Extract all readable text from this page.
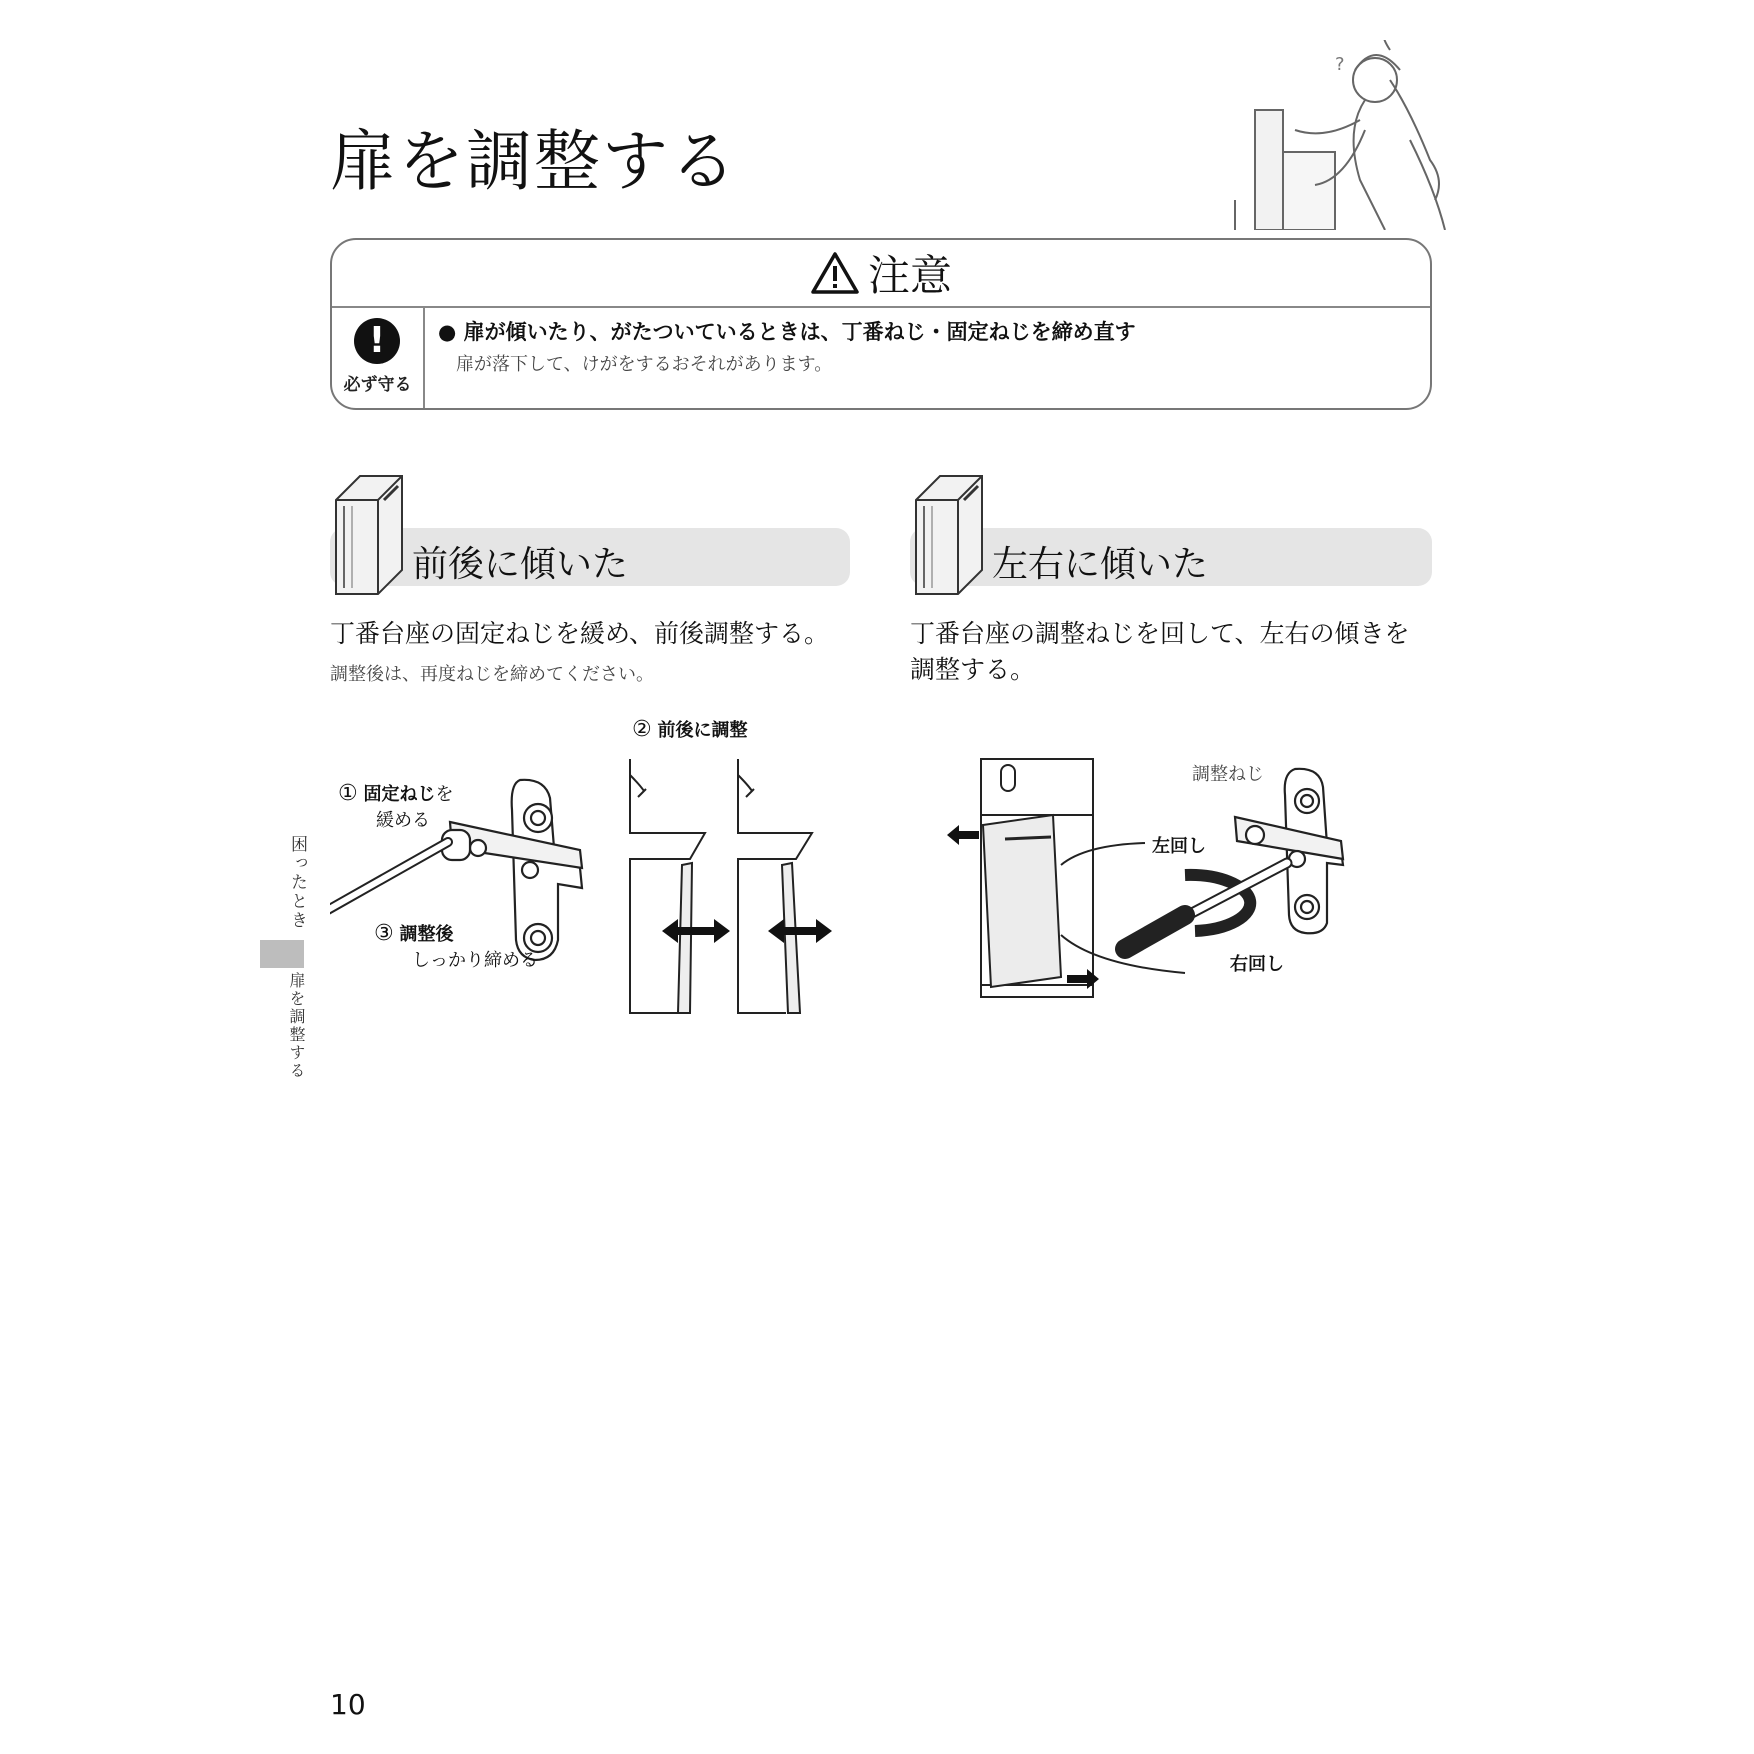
扉を調整する
?
注意
!
必ず守る
● 扉が傾いたり、がたついているときは、丁番ねじ・固定ねじを締め直す
扉が落下して、けがをするおそれがあります。
前後に傾いた	左右に傾いた
丁番台座の固定ねじを緩め、前後調整する。
調整後は、再度ねじを締めてください。
丁番台座の調整ねじを回して、左右の傾きを調整する。
① 固定ねじを
緩める
③ 調整後
しっかり締める
② 前後に調整
調整ねじ
左回し
右回し
困ったとき
扉を調整する
10
